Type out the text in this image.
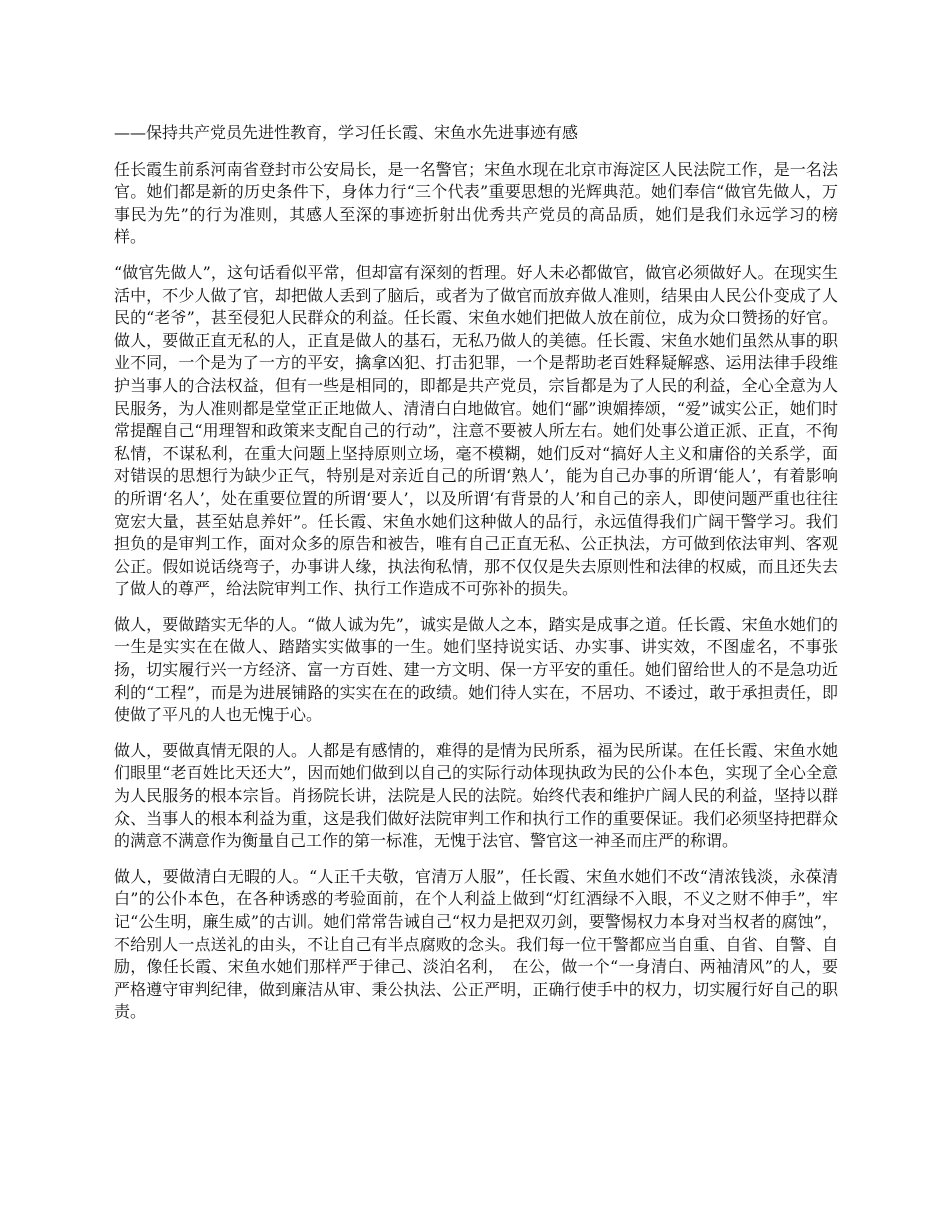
——保持共产党员先进性教育，学习任长霞、宋鱼水先进事迹有感

任长霞生前系河南省登封市公安局长，是一名警官；宋鱼水现在北京市海淀区人民法院工作，是一名法官。她们都是新的历史条件下，身体力行“三个代表”重要思想的光辉典范。她们奉信“做官先做人，万事民为先”的行为准则，其感人至深的事迹折射出优秀共产党员的高品质，她们是我们永远学习的榜样。

“做官先做人”，这句话看似平常，但却富有深刻的哲理。好人未必都做官，做官必须做好人。在现实生活中，不少人做了官，却把做人丢到了脑后，或者为了做官而放弃做人准则，结果由人民公仆变成了人民的“老爷”，甚至侵犯人民群众的利益。任长霞、宋鱼水她们把做人放在前位，成为众口赞扬的好官。做人，要做正直无私的人，正直是做人的基石，无私乃做人的美德。任长霞、宋鱼水她们虽然从事的职业不同，一个是为了一方的平安，擒拿凶犯、打击犯罪，一个是帮助老百姓释疑解惑、运用法律手段维护当事人的合法权益，但有一些是相同的，即都是共产党员，宗旨都是为了人民的利益，全心全意为人民服务，为人准则都是堂堂正正地做人、清清白白地做官。她们“鄙”谀媚捧颂，“爱”诚实公正，她们时常提醒自己“用理智和政策来支配自己的行动”，注意不要被人所左右。她们处事公道正派、正直，不徇私情，不谋私利，在重大问题上坚持原则立场，毫不模糊，她们反对“搞好人主义和庸俗的关系学，面对错误的思想行为缺少正气，特别是对亲近自己的所谓‘熟人’，能为自己办事的所谓‘能人’，有着影响的所谓‘名人’，处在重要位置的所谓‘要人’，以及所谓‘有背景的人’和自己的亲人，即使问题严重也往往宽宏大量，甚至姑息养奸”。任长霞、宋鱼水她们这种做人的品行，永远值得我们广阔干警学习。我们担负的是审判工作，面对众多的原告和被告，唯有自己正直无私、公正执法，方可做到依法审判、客观公正。假如说话绕弯子，办事讲人缘，执法徇私情，那不仅仅是失去原则性和法律的权威，而且还失去了做人的尊严，给法院审判工作、执行工作造成不可弥补的损失。

做人，要做踏实无华的人。“做人诚为先”，诚实是做人之本，踏实是成事之道。任长霞、宋鱼水她们的一生是实实在在做人、踏踏实实做事的一生。她们坚持说实话、办实事、讲实效，不图虚名，不事张扬，切实履行兴一方经济、富一方百姓、建一方文明、保一方平安的重任。她们留给世人的不是急功近利的“工程”，而是为进展铺路的实实在在的政绩。她们待人实在，不居功、不诿过，敢于承担责任，即使做了平凡的人也无愧于心。

做人，要做真情无限的人。人都是有感情的，难得的是情为民所系，福为民所谋。在任长霞、宋鱼水她们眼里“老百姓比天还大”，因而她们做到以自己的实际行动体现执政为民的公仆本色，实现了全心全意为人民服务的根本宗旨。肖扬院长讲，法院是人民的法院。始终代表和维护广阔人民的利益，坚持以群众、当事人的根本利益为重，这是我们做好法院审判工作和执行工作的重要保证。我们必须坚持把群众的满意不满意作为衡量自己工作的第一标准，无愧于法官、警官这一神圣而庄严的称谓。

做人，要做清白无暇的人。“人正千夫敬，官清万人服”，任长霞、宋鱼水她们不改“清浓钱淡，永葆清白”的公仆本色，在各种诱惑的考验面前，在个人利益上做到“灯红酒绿不入眼，不义之财不伸手”，牢记“公生明，廉生威”的古训。她们常常告诫自己“权力是把双刃剑，要警惕权力本身对当权者的腐蚀”，不给别人一点送礼的由头，不让自己有半点腐败的念头。我们每一位干警都应当自重、自省、自警、自励，像任长霞、宋鱼水她们那样严于律己、淡泊名利，　在公，做一个“一身清白、两袖清风”的人，要严格遵守审判纪律，做到廉洁从审、秉公执法、公正严明，正确行使手中的权力，切实履行好自己的职责。
